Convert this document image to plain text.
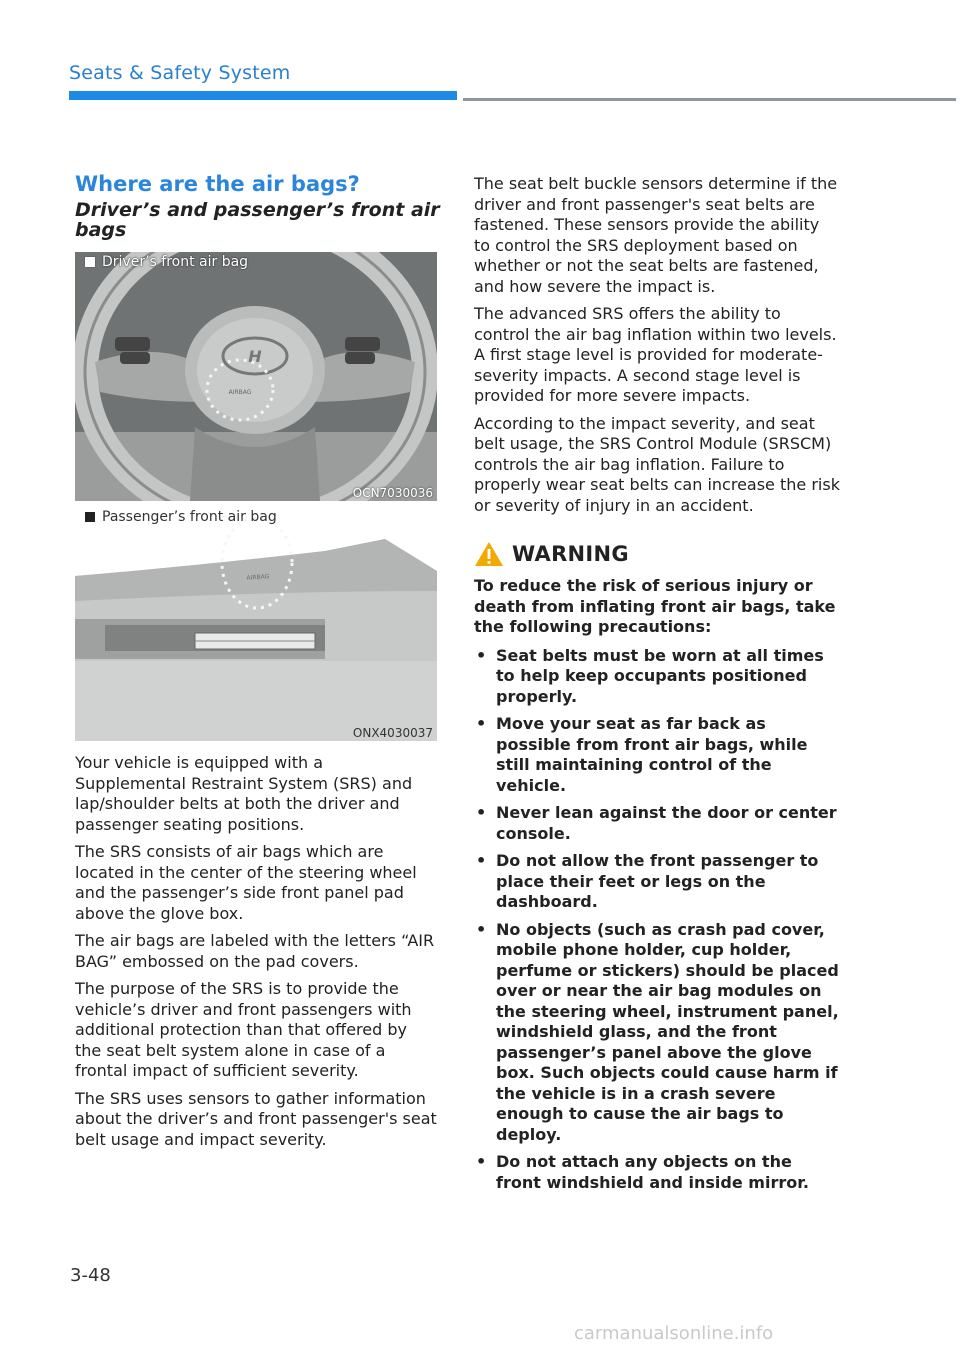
Seats & Safety System
Where are the air bags?
Driver’s and passenger’s front air bags
H
AIRBAG
Driver’s front air bag
OCN7030036
AIRBAG
Passenger’s front air bag
ONX4030037

Your vehicle is equipped with a Supplemental Restraint System (SRS) and lap/shoulder belts at both the driver and passenger seating positions.

The SRS consists of air bags which are located in the center of the steering wheel and the passenger’s side front panel pad above the glove box.

The air bags are labeled with the letters “AIR BAG” embossed on the pad covers.

The purpose of the SRS is to provide the vehicle’s driver and front passengers with additional protection than that offered by the seat belt system alone in case of a frontal impact of sufficient severity.

The SRS uses sensors to gather information about the driver’s and front passenger's seat belt usage and impact severity.

The seat belt buckle sensors determine if the driver and front passenger's seat belts are fastened. These sensors provide the ability to control the SRS deployment based on whether or not the seat belts are fastened, and how severe the impact is.

The advanced SRS offers the ability to control the air bag inflation within two levels. A first stage level is provided for moderate-severity impacts. A second stage level is provided for more severe impacts.

According to the impact severity, and seat belt usage, the SRS Control Module (SRSCM) controls the air bag inflation. Failure to properly wear seat belts can increase the risk or severity of injury in an accident.

WARNING

To reduce the risk of serious injury or death from inflating front air bags, take the following precautions:

• Seat belts must be worn at all times to help keep occupants positioned properly.
• Move your seat as far back as possible from front air bags, while still maintaining control of the vehicle.
• Never lean against the door or center console.
• Do not allow the front passenger to place their feet or legs on the dashboard.
• No objects (such as crash pad cover, mobile phone holder, cup holder, perfume or stickers) should be placed over or near the air bag modules on the steering wheel, instrument panel, windshield glass, and the front passenger’s panel above the glove box. Such objects could cause harm if the vehicle is in a crash severe enough to cause the air bags to deploy.
• Do not attach any objects on the front windshield and inside mirror.
3-48
carmanualsonline.info
